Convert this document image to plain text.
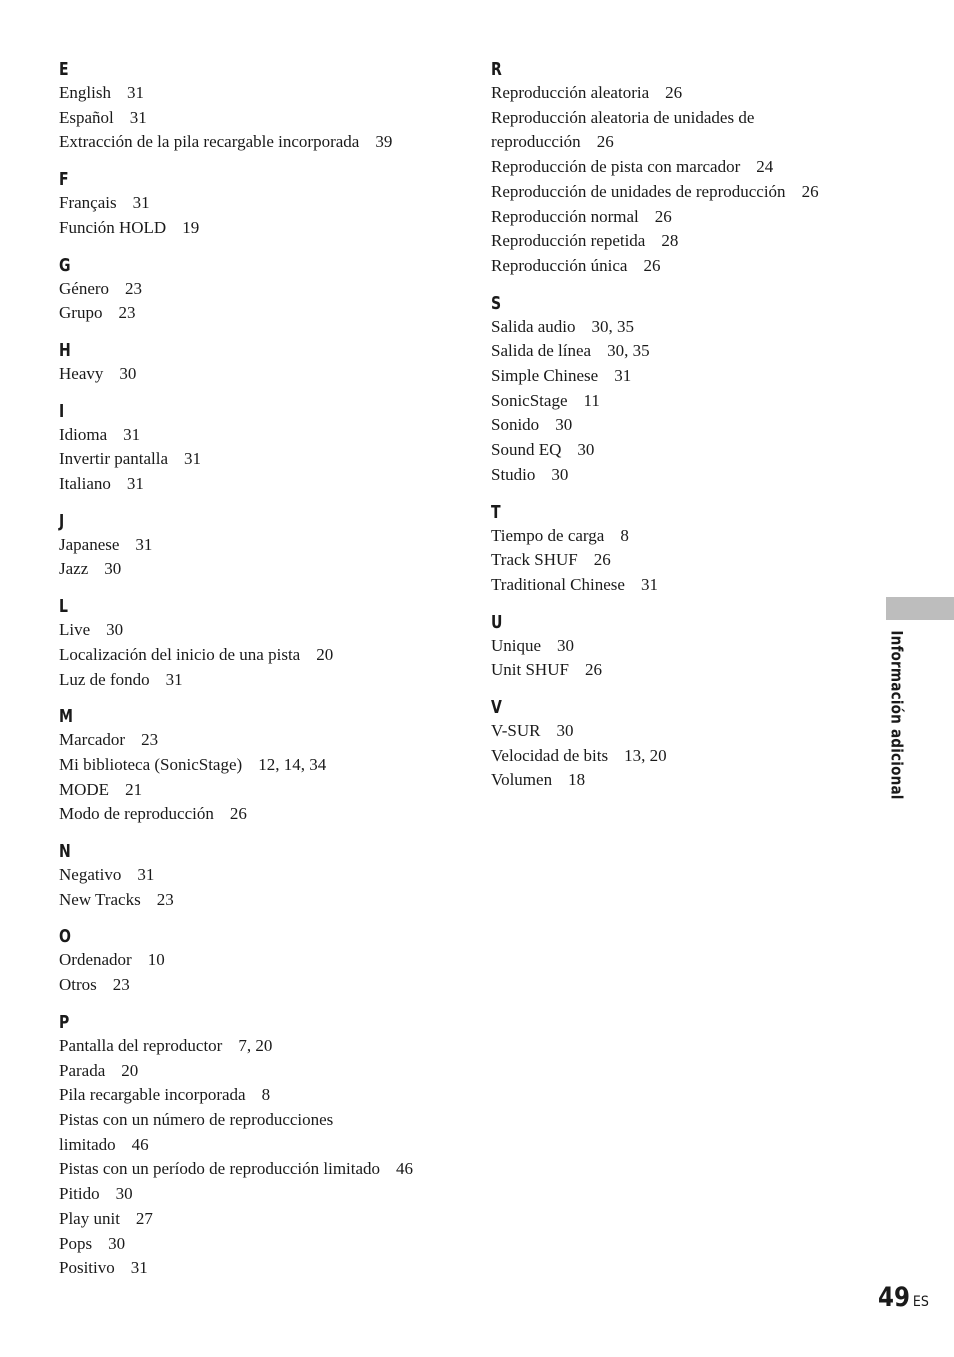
E
English 31
Español 31
Extracción de la pila recargable incorporada 39
F
Français 31
Función HOLD 19
G
Género 23
Grupo 23
H
Heavy 30
I
Idioma 31
Invertir pantalla 31
Italiano 31
J
Japanese 31
Jazz 30
L
Live 30
Localización del inicio de una pista 20
Luz de fondo 31
M
Marcador 23
Mi biblioteca (SonicStage) 12, 14, 34
MODE 21
Modo de reproducción 26
N
Negativo 31
New Tracks 23
O
Ordenador 10
Otros 23
P
Pantalla del reproductor 7, 20
Parada 20
Pila recargable incorporada 8
Pistas con un número de reproducciones
limitado 46
Pistas con un período de reproducción limitado 46
Pitido 30
Play unit 27
Pops 30
Positivo 31
R
Reproducción aleatoria 26
Reproducción aleatoria de unidades de
reproducción 26
Reproducción de pista con marcador 24
Reproducción de unidades de reproducción 26
Reproducción normal 26
Reproducción repetida 28
Reproducción única 26
S
Salida audio 30, 35
Salida de línea 30, 35
Simple Chinese 31
SonicStage 11
Sonido 30
Sound EQ 30
Studio 30
T
Tiempo de carga 8
Track SHUF 26
Traditional Chinese 31
U
Unique 30
Unit SHUF 26
V
V-SUR 30
Velocidad de bits 13, 20
Volumen 18	Información adicional
49 ES
